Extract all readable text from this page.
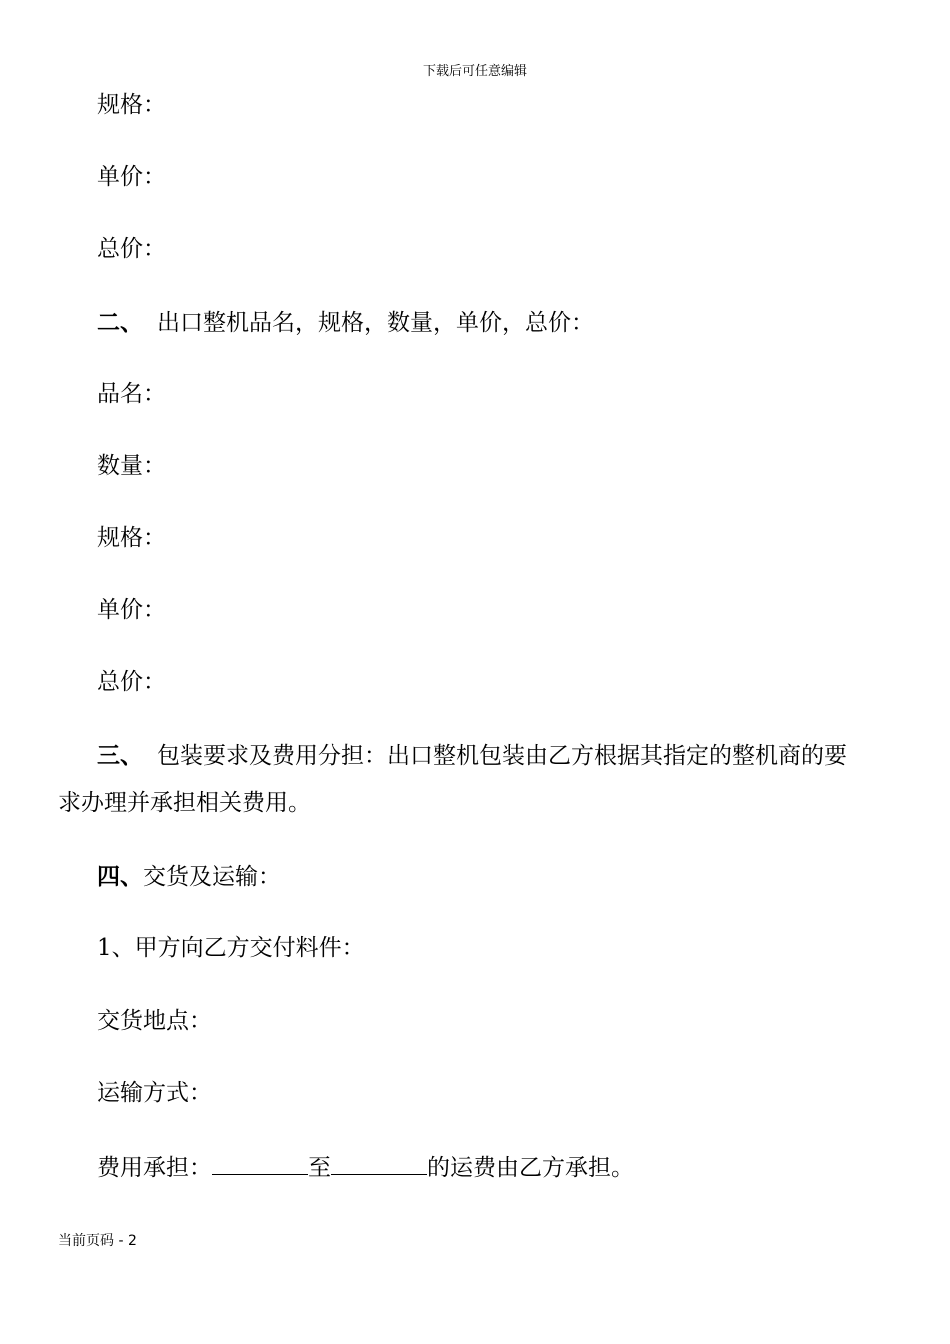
下载后可任意编辑
规格：
单价：
总价：
二、 出口整机品名，规格，数量，单价，总价：
品名：
数量：
规格：
单价：
总价：
三、 包装要求及费用分担：出口整机包装由乙方根据其指定的整机商的要
求办理并承担相关费用。
四、交货及运输：
1、甲方向乙方交付料件：
交货地点：
运输方式：
费用承担：	至	的运费由乙方承担。
当前页码 - 2
